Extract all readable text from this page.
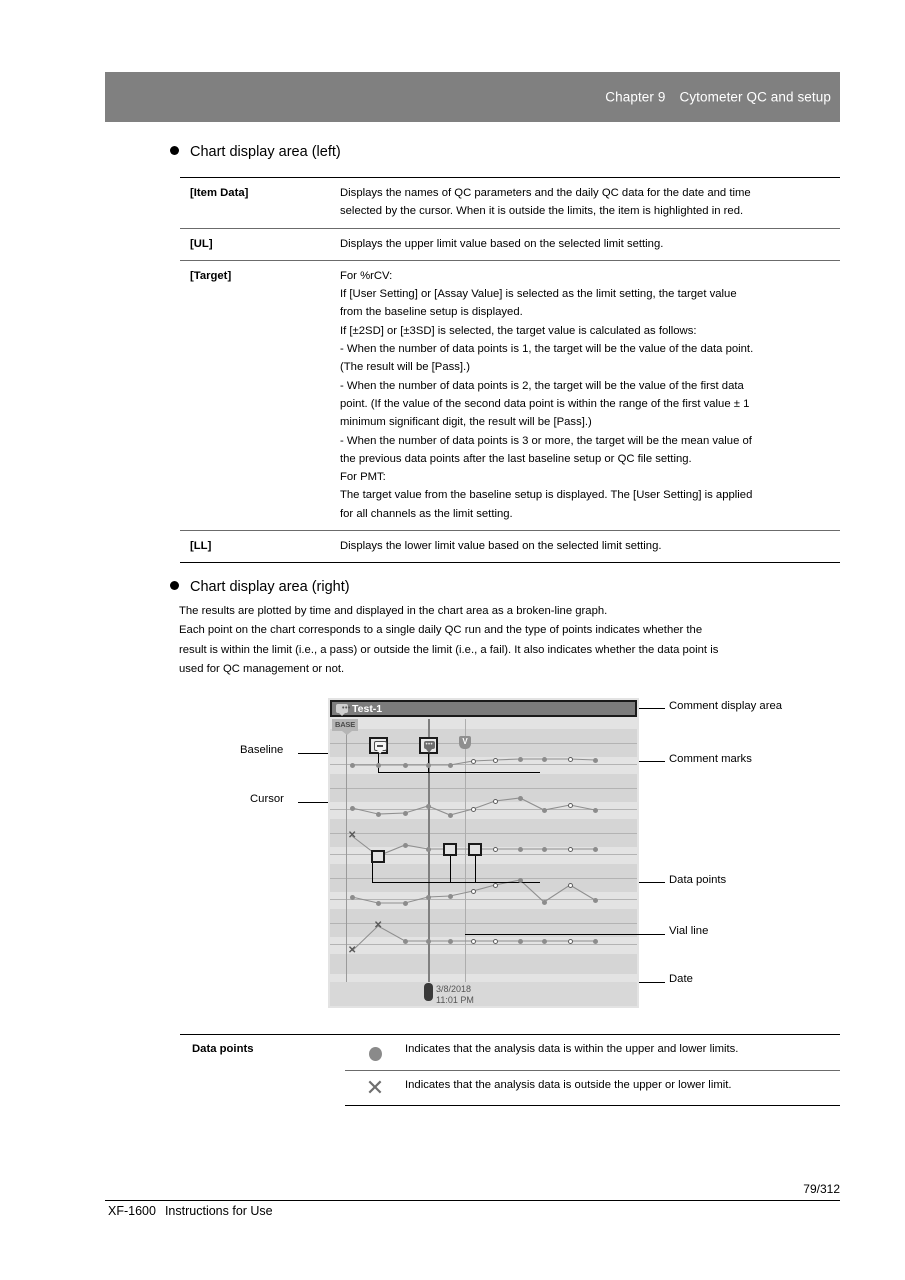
Chapter 9 Cytometer QC and setup
Chart display area (left)
[Item Data]	Displays the names of QC parameters and the daily QC data for the date and time
selected by the cursor. When it is outside the limits, the item is highlighted in red.

[UL]	Displays the upper limit value based on the selected limit setting.

[Target]	For %rCV:
If [User Setting] or [Assay Value] is selected as the limit setting, the target value
from the baseline setup is displayed.
If [±2SD] or [±3SD] is selected, the target value is calculated as follows:
- When the number of data points is 1, the target will be the value of the data point.
(The result will be [Pass].)
- When the number of data points is 2, the target will be the value of the first data
point. (If the value of the second data point is within the range of the first value ± 1
minimum significant digit, the result will be [Pass].)
- When the number of data points is 3 or more, the target will be the mean value of
the previous data points after the last baseline setup or QC file setting.
For PMT:
The target value from the baseline setup is displayed. The [User Setting] is applied
for all channels as the limit setting.

[LL]	Displays the lower limit value based on the selected limit setting.
Chart display area (right)
The results are plotted by time and displayed in the chart area as a broken-line graph.
Each point on the chart corresponds to a single daily QC run and the type of points indicates whether the
result is within the limit (i.e., a pass) or outside the limit (i.e., a fail). It also indicates whether the data point is
used for QC management or not.
Baseline
Cursor
••• Test-1
BASE
•••	V
✕
✕
✕
3/8/2018
11:01 PM
Comment display area
Comment marks
Data points
Vial line
Date
Data points		Indicates that the analysis data is within the upper and lower limits.
	✕	Indicates that the analysis data is outside the upper or lower limit.

79/312
XF-1600 Instructions for Use
